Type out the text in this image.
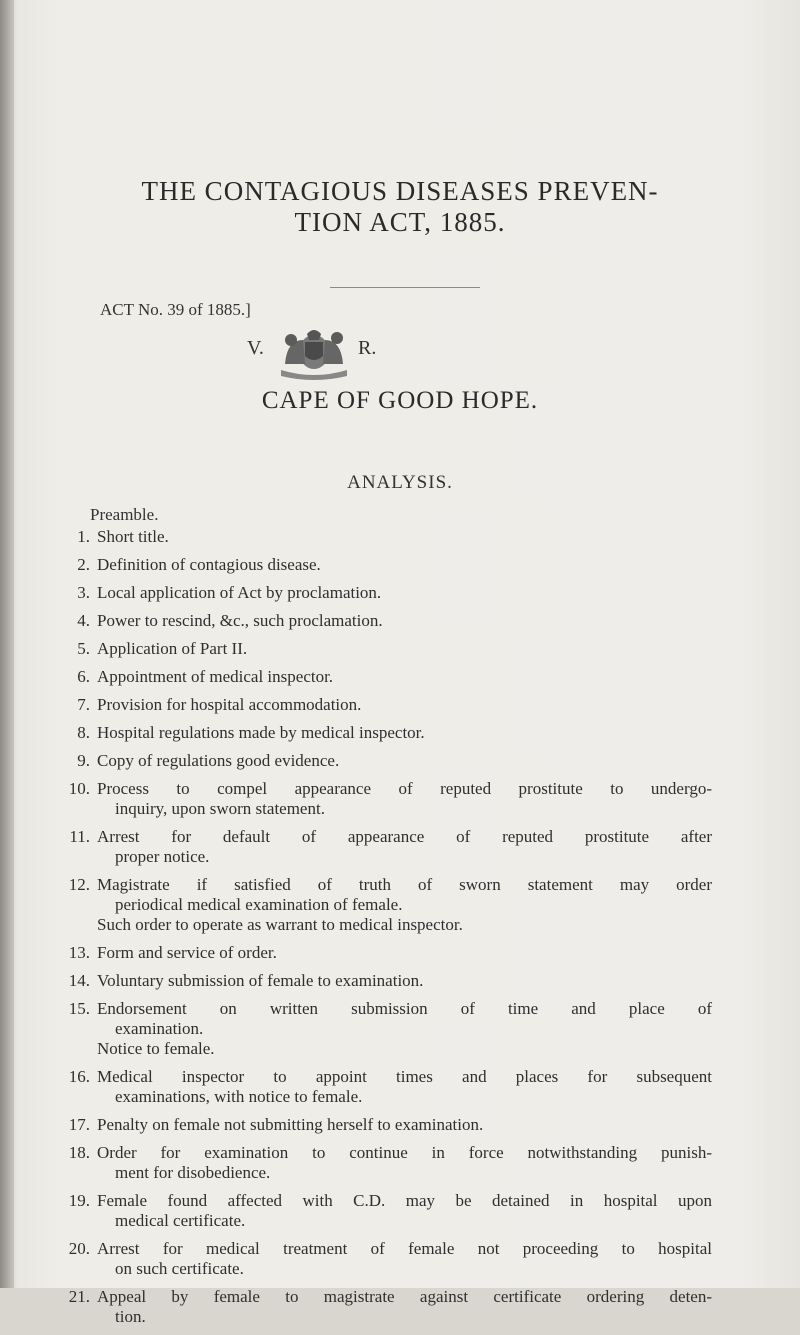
THE CONTAGIOUS DISEASES PREVEN-
TION ACT, 1885.
ACT No. 39 of 1885.]
V.	R.
CAPE OF GOOD HOPE.
ANALYSIS.
Preamble.
1. Short title.
2. Definition of contagious disease.
3. Local application of Act by proclamation.
4. Power to rescind, &c., such proclamation.
5. Application of Part II.
6. Appointment of medical inspector.
7. Provision for hospital accommodation.
8. Hospital regulations made by medical inspector.
9. Copy of regulations good evidence.
10. Process to compel appearance of reputed prostitute to undergo-
inquiry, upon sworn statement.
11. Arrest for default of appearance of reputed prostitute after
proper notice.
12. Magistrate if satisfied of truth of sworn statement may order
periodical medical examination of female.
Such order to operate as warrant to medical inspector.
13. Form and service of order.
14. Voluntary submission of female to examination.
15. Endorsement on written submission of time and place of
examination.
Notice to female.
16. Medical inspector to appoint times and places for subsequent
examinations, with notice to female.
17. Penalty on female not submitting herself to examination.
18. Order for examination to continue in force notwithstanding punish-
ment for disobedience.
19. Female found affected with C.D. may be detained in hospital upon
medical certificate.
20. Arrest for medical treatment of female not proceeding to hospital
on such certificate.
21. Appeal by female to magistrate against certificate ordering deten-
tion.
